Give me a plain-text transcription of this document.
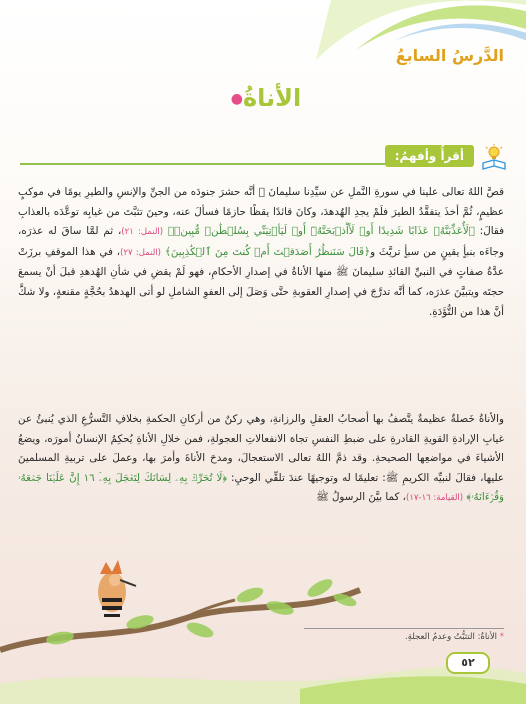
الدَّرسُ السابعُ
الأناةُ●
أقرأُ وأفهمُ:
قصَّ اللهُ تعالى علينا في سورةِ النَّملِ عن سيِّدِنا سليمانَ ﷺ أنَّه حشرَ جنودَه من الجنِّ والإنسِ والطيرِ يومًا في موكبٍ عظيمٍ، ثُمَّ أخذَ يتفقَّدُ الطيرَ فلَمْ يجدِ الهُدهدَ، وكانَ قائدًا يقظًا حازمًا فسألَ عنه، وحينَ تثبَّتَ من غيابِه توعَّدَه بالعذابِ فقالَ: ﴿لَأُعَذِّبَنَّهُۥ عَذَابًا شَدِيدًا أَوۡ لَأَاْذۡبَحَنَّهُۥٓ أَوۡ لَيَأۡتِيَنِّي بِسُلۡطَٰنٖ مُّبِينٖ﴾ (النمل: ٢١)، ثم لمَّا ساقَ له عذرَه، وجاءَه بنبأٍ يقينٍ من سبأٍ تريَّثَ و﴿قَالَ سَنَنظُرُ أَصَدَقۡتَ أَمۡ كُنتَ مِنَ ٱلۡكَٰذِبِينَ﴾ (النمل: ٢٧)، في هذا الموقفِ برزَتْ عدَّةُ صفاتٍ في النبيِّ القائدِ سليمانَ ﷺ منها الأناةُ في إصدارِ الأحكامِ، فهو لَمْ يقضِ في شأنِ الهُدهدِ قبلَ أنْ يسمعَ حجتَه ويتبيَّنَ عذرَه، كما أنَّه تدرَّجَ في إصدارِ العقوبةِ حتَّى وَصَلَ إلى العفوِ الشاملِ لو أتى الهدهدُ بحُجَّةٍ مقنعةٍ، ولا شكَّ أنَّ هذا من التُّؤَدَةِ.
والأناةُ خَصلةٌ عظيمةٌ يتَّصفُ بها أصحابُ العقلِ والرزانةِ، وهي ركنٌ من أركانِ الحكمةِ بخلافِ التَّسرُّعِ الذي يُنبئُ عن غيابِ الإرادةِ القويةِ القادرةِ على ضبطِ النفسِ تجاهَ الانفعالاتِ العجولةِ، فمن خلالِ الأناةِ يُحكِمُ الإنسانُ أمورَه، ويضعُ الأشياءَ في مواضعِها الصحيحةِ. وقد ذمَّ اللهُ تعالى الاستعجالَ، ومدحَ الأناةَ وأمرَ بها، وعملَ على تربيةِ المسلمينَ عليها، فقالَ لنبيِّه الكريمِ ﷺ: تعليمًا له وتوجيهًا عندَ تلقِّي الوحيِ: ﴿لَا تُحَرِّكۡ بِهِۦ لِسَانَكَ لِتَعۡجَلَ بِهِۦٓ ١٦ إِنَّ عَلَيۡنَا جَمۡعَهُۥ وَقُرۡءَانَهُۥ﴾ (القيامة: ١٦-١٧)، كما بيَّنَ الرسولُ ﷺ
* الأناةُ: التثبُّتُ وعدمُ العجلةِ.
٥٢
